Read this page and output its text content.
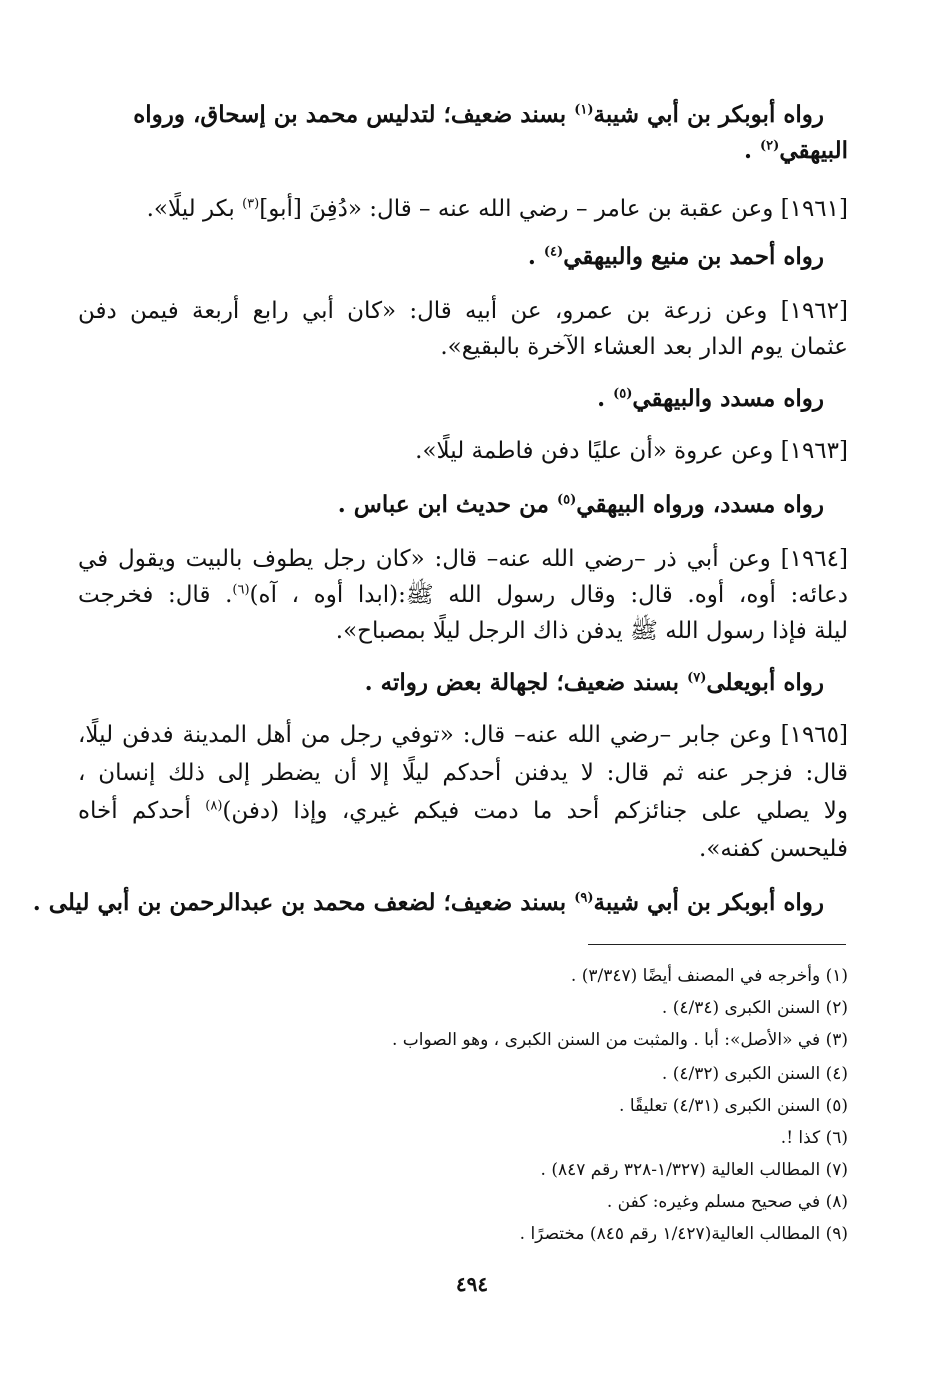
رواه أبوبكر بن أبي شيبة$^{(١)}$ بسند ضعيف؛ لتدليس محمد بن إسحاق، ورواه
البيهقي$^{(٢)}$ .
[١٩٦١] وعن عقبة بن عامر – رضي الله عنه – قال: «دُفِنَ [أبو]$^{(٣)}$ بكر ليلًا».
رواه أحمد بن منيع والبيهقي$^{(٤)}$ .
[١٩٦٢] وعن زرعة بن عمرو، عن أبيه قال: «كان أبي رابع أربعة فيمن دفن
عثمان يوم الدار بعد العشاء الآخرة بالبقيع».
رواه مسدد والبيهقي$^{(٥)}$ .
[١٩٦٣] وعن عروة «أن عليًا دفن فاطمة ليلًا».
رواه مسدد، ورواه البيهقي$^{(٥)}$ من حديث ابن عباس .
[١٩٦٤] وعن أبي ذر –رضي الله عنه– قال: «كان رجل يطوف بالبيت ويقول في
دعائه: أوه، أوه. قال: وقال رسول الله ﷺ:(ابدا أوه ، آه)$^{(٦)}$. قال: فخرجت
ليلة فإذا رسول الله ﷺ يدفن ذاك الرجل ليلًا بمصباح».
رواه أبويعلى$^{(٧)}$ بسند ضعيف؛ لجهالة بعض رواته .
[١٩٦٥] وعن جابر –رضي الله عنه– قال: «توفي رجل من أهل المدينة فدفن ليلًا،
قال: فزجر عنه ثم قال: لا يدفنن أحدكم ليلًا إلا أن يضطر إلى ذلك إنسان ،
ولا يصلي على جنائزكم أحد ما دمت فيكم غيري، وإذا (دفن)$^{(٨)}$ أحدكم أخاه
فليحسن كفنه».
رواه أبوبكر بن أبي شيبة$^{(٩)}$ بسند ضعيف؛ لضعف محمد بن عبدالرحمن بن أبي ليلى .
(١) وأخرجه في المصنف أيضًا (٣/٣٤٧) .
(٢) السنن الكبرى (٤/٣٤) .
(٣) في «الأصل»: أبا . والمثبت من السنن الكبرى ، وهو الصواب .
(٤) السنن الكبرى (٤/٣٢) .
(٥) السنن الكبرى (٤/٣١) تعليقًا .
(٦) كذا !.
(٧) المطالب العالية (١/٣٢٧-٣٢٨ رقم ٨٤٧) .
(٨) في صحيح مسلم وغيره: كفن .
(٩) المطالب العالية(١/٤٢٧ رقم ٨٤٥) مختصرًا .
٤٩٤
